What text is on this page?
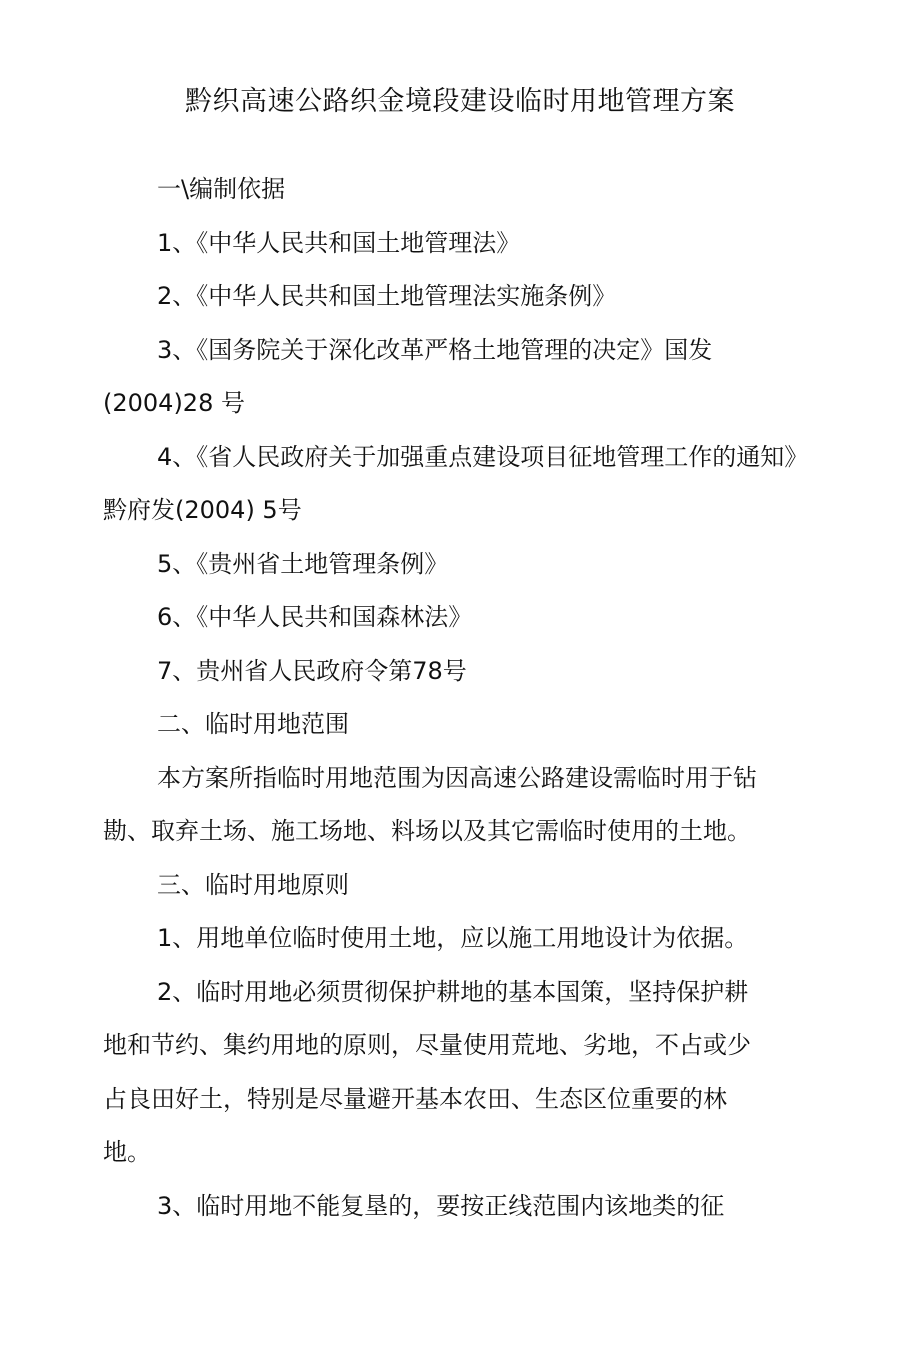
黔织高速公路织金境段建设临时用地管理方案

一\编制依据

1、《中华人民共和国土地管理法》

2、《中华人民共和国土地管理法实施条例》

3、《国务院关于深化改革严格土地管理的决定》国发(2004)28 号

4、《省人民政府关于加强重点建设项目征地管理工作的通知》黔府发(2004) 5号

5、《贵州省土地管理条例》

6、《中华人民共和国森林法》

7、贵州省人民政府令第78号

二、临时用地范围

本方案所指临时用地范围为因高速公路建设需临时用于钻勘、取弃土场、施工场地、料场以及其它需临时使用的土地。

三、临时用地原则

1、用地单位临时使用土地，应以施工用地设计为依据。

2、临时用地必须贯彻保护耕地的基本国策，坚持保护耕地和节约、集约用地的原则，尽量使用荒地、劣地，不占或少占良田好土，特别是尽量避开基本农田、生态区位重要的林地。

3、临时用地不能复垦的，要按正线范围内该地类的征
